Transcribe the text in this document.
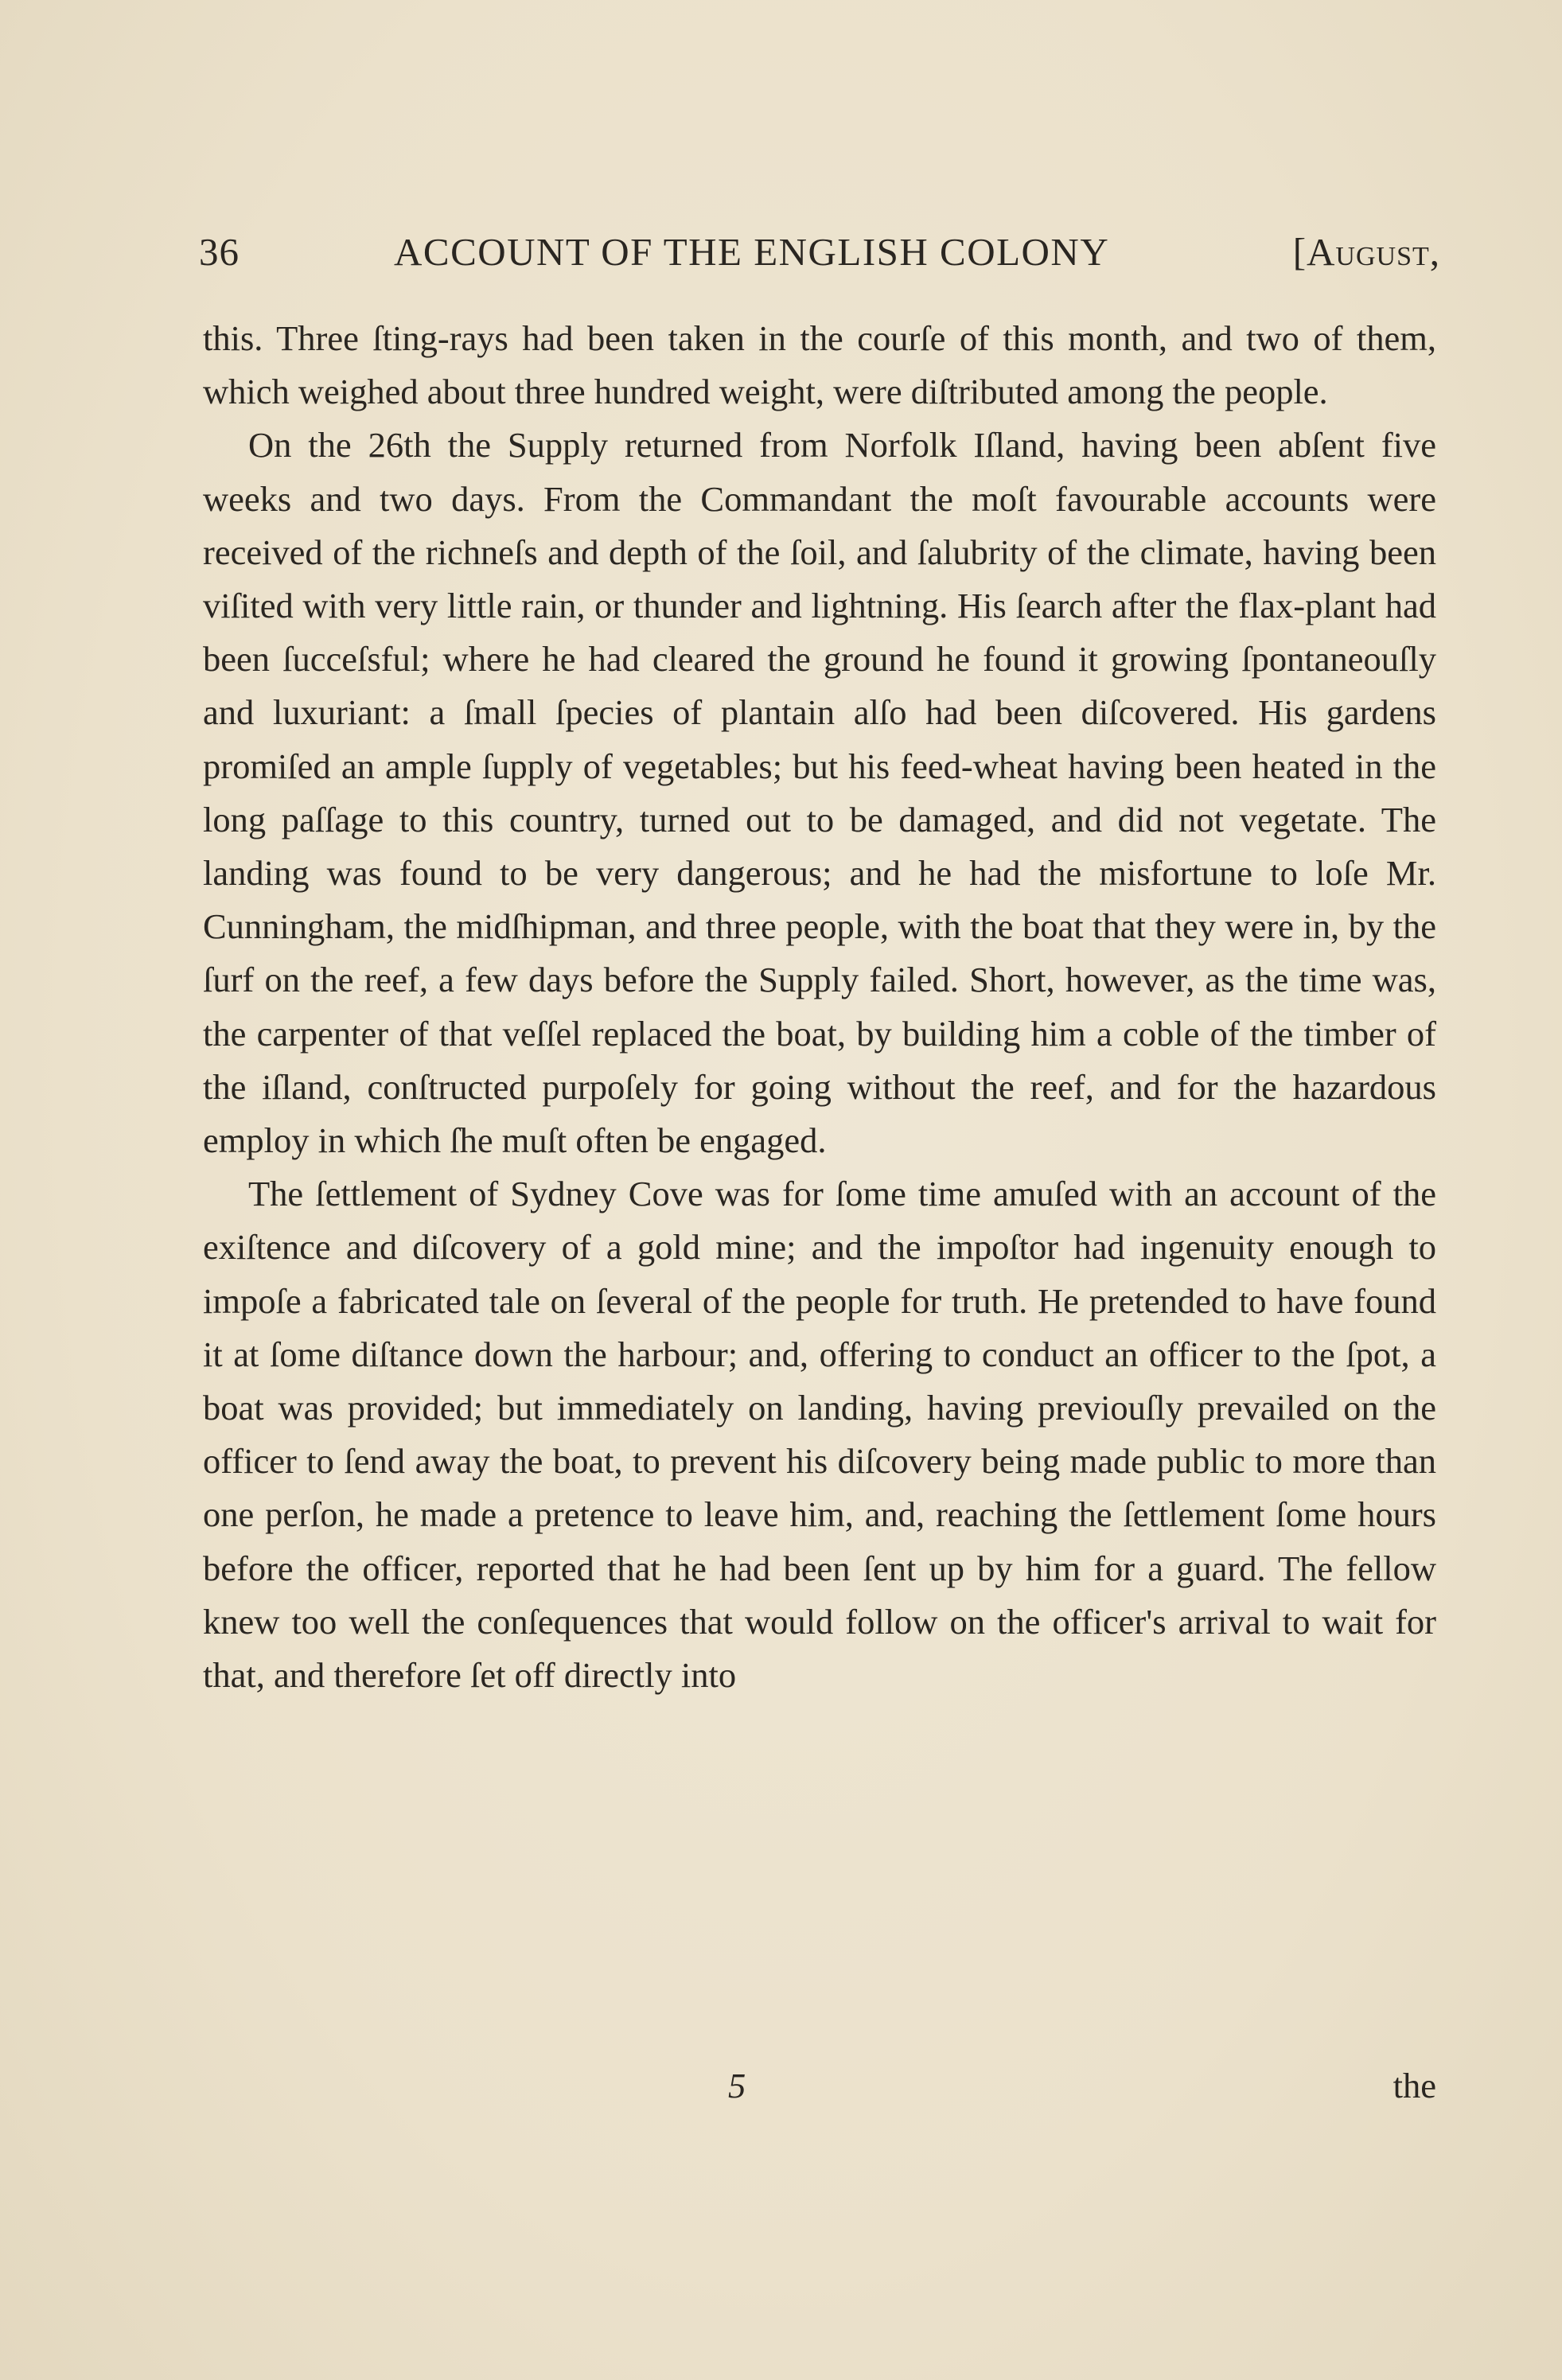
36	ACCOUNT OF THE ENGLISH COLONY	[August,

this. Three ſting-rays had been taken in the courſe of this month, and two of them, which weighed about three hundred weight, were diſtributed among the people.

On the 26th the Supply returned from Norfolk Iſland, having been abſent five weeks and two days. From the Commandant the moſt favourable accounts were received of the richneſs and depth of the ſoil, and ſalubrity of the climate, having been viſited with very little rain, or thunder and lightning. His ſearch after the flax-plant had been ſucceſsful; where he had cleared the ground he found it growing ſpontaneouſly and luxuriant: a ſmall ſpecies of plantain alſo had been diſcovered. His gardens promiſed an ample ſupply of vegetables; but his feed-wheat having been heated in the long paſſage to this country, turned out to be damaged, and did not vegetate. The landing was found to be very dangerous; and he had the misfortune to loſe Mr. Cunningham, the midſhipman, and three people, with the boat that they were in, by the ſurf on the reef, a few days before the Supply failed. Short, however, as the time was, the carpenter of that veſſel replaced the boat, by building him a coble of the timber of the iſland, conſtructed purpoſely for going without the reef, and for the hazardous employ in which ſhe muſt often be engaged.

The ſettlement of Sydney Cove was for ſome time amuſed with an account of the exiſtence and diſcovery of a gold mine; and the impoſtor had ingenuity enough to impoſe a fabricated tale on ſeveral of the people for truth. He pretended to have found it at ſome diſtance down the harbour; and, offering to conduct an officer to the ſpot, a boat was provided; but immediately on landing, having previouſly prevailed on the officer to ſend away the boat, to prevent his diſcovery being made public to more than one perſon, he made a pretence to leave him, and, reaching the ſettlement ſome hours before the officer, reported that he had been ſent up by him for a guard. The fellow knew too well the conſequences that would follow on the officer's arrival to wait for that, and therefore ſet off directly into

5	the
